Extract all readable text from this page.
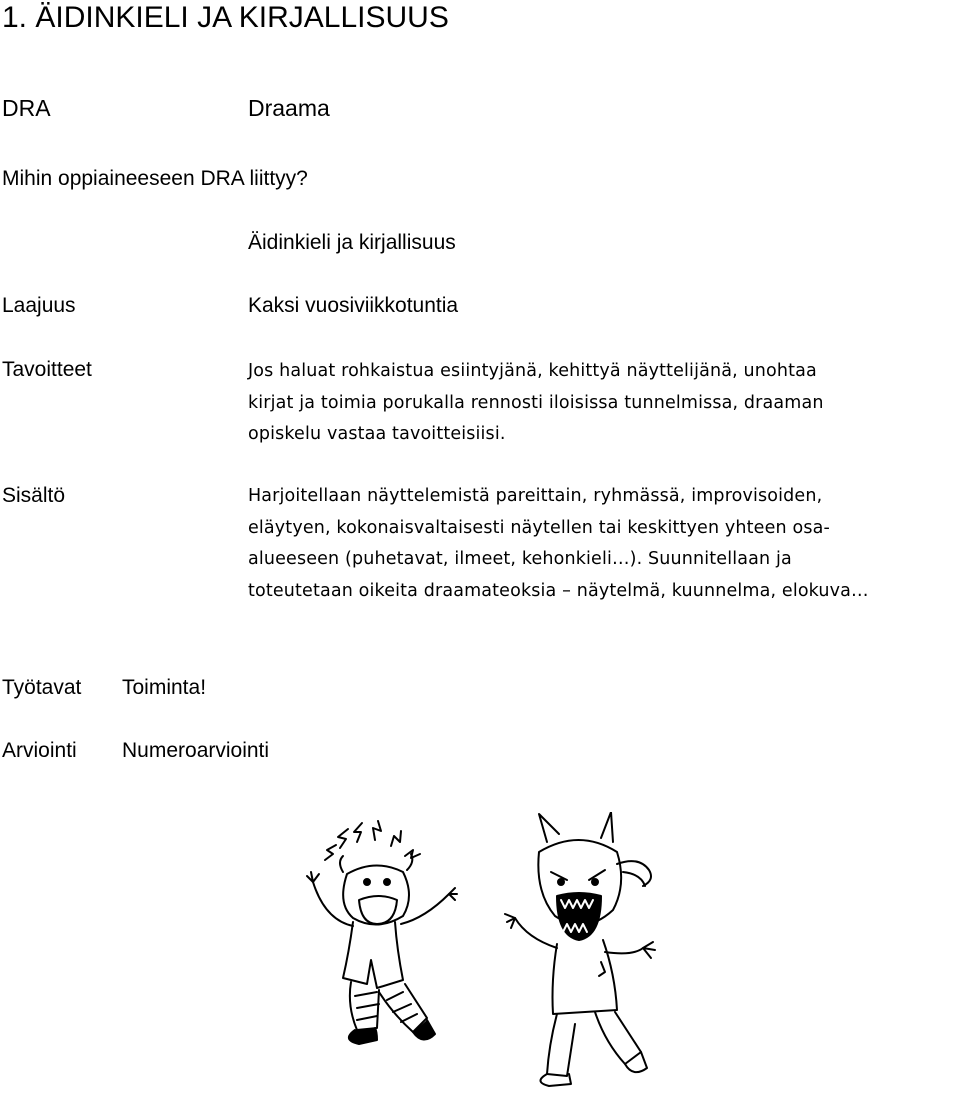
1. ÄIDINKIELI JA KIRJALLISUUS
DRA	Draama
Mihin oppiaineeseen DRA liittyy?
Äidinkieli ja kirjallisuus
Laajuus	Kaksi vuosiviikkotuntia
Tavoitteet	Jos haluat rohkaistua esiintyjänä, kehittyä näyttelijänä, unohtaa
kirjat ja toimia porukalla rennosti iloisissa tunnelmissa, draaman
opiskelu vastaa tavoitteisiisi.
Sisältö	Harjoitellaan näyttelemistä pareittain, ryhmässä, improvisoiden,
eläytyen, kokonaisvaltaisesti näytellen tai keskittyen yhteen osa-
alueeseen (puhetavat, ilmeet, kehonkieli…). Suunnitellaan ja
toteutetaan oikeita draamateoksia – näytelmä, kuunnelma, elokuva…
Työtavat Toiminta!
Arviointi Numeroarviointi
